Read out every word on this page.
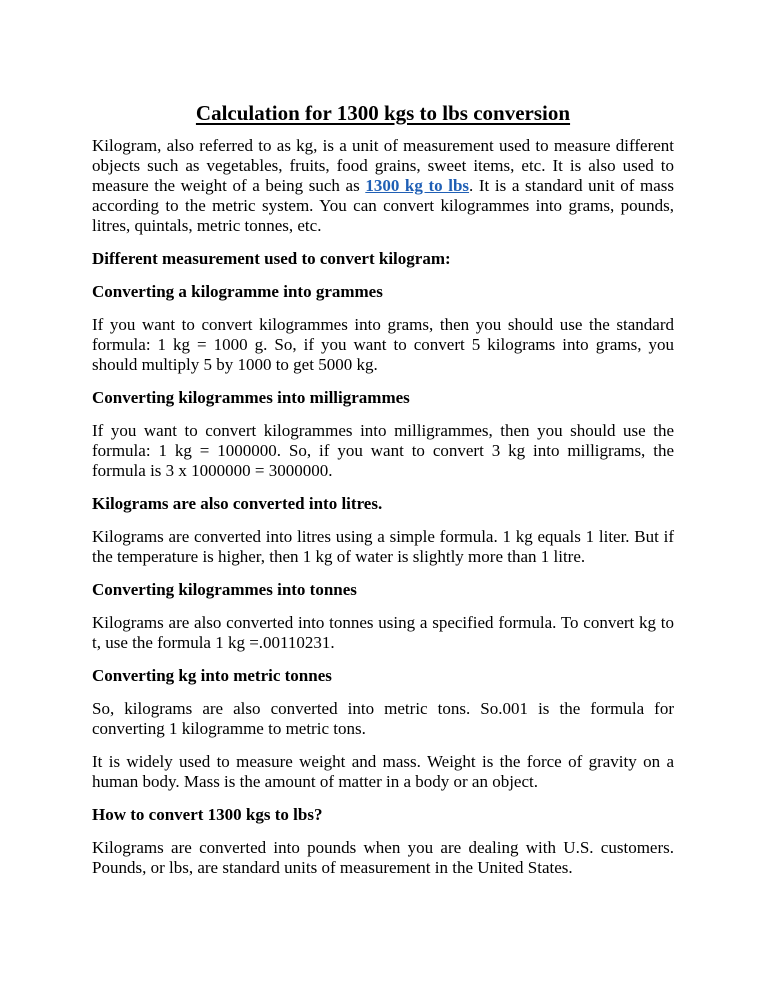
Calculation for 1300 kgs to lbs conversion

Kilogram, also referred to as kg, is a unit of measurement used to measure different objects such as vegetables, fruits, food grains, sweet items, etc. It is also used to measure the weight of a being such as 1300 kg to lbs. It is a standard unit of mass according to the metric system. You can convert kilogrammes into grams, pounds, litres, quintals, metric tonnes, etc.

Different measurement used to convert kilogram:
Converting a kilogramme into grammes

If you want to convert kilogrammes into grams, then you should use the standard formula: 1 kg = 1000 g. So, if you want to convert 5 kilograms into grams, you should multiply 5 by 1000 to get 5000 kg.

Converting kilogrammes into milligrammes

If you want to convert kilogrammes into milligrammes, then you should use the formula: 1 kg = 1000000. So, if you want to convert 3 kg into milligrams, the formula is 3 x 1000000 = 3000000.

Kilograms are also converted into litres.

Kilograms are converted into litres using a simple formula. 1 kg equals 1 liter. But if the temperature is higher, then 1 kg of water is slightly more than 1 litre.

Converting kilogrammes into tonnes

Kilograms are also converted into tonnes using a specified formula. To convert kg to t, use the formula 1 kg =.00110231.

Converting kg into metric tonnes

So, kilograms are also converted into metric tons. So.001 is the formula for converting 1 kilogramme to metric tons.

It is widely used to measure weight and mass. Weight is the force of gravity on a human body. Mass is the amount of matter in a body or an object.

How to convert 1300 kgs to lbs?

Kilograms are converted into pounds when you are dealing with U.S. customers. Pounds, or lbs, are standard units of measurement in the United States.
